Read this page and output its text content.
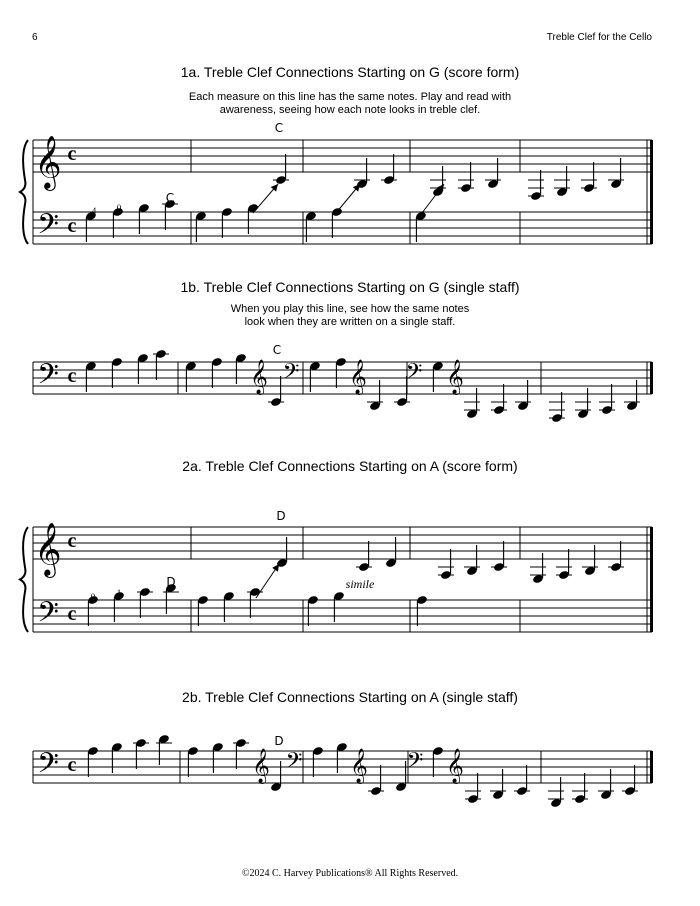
6	Treble Clef for the Cello
1a. Treble Clef Connections Starting on G (score form)
Each measure on this line has the same notes. Play and read with
awareness, seeing how each note looks in treble clef.
1b. Treble Clef Connections Starting on G (single staff)
When you play this line, see how the same notes
look when they are written on a single staff.
2a. Treble Clef Connections Starting on A (score form)
2b. Treble Clef Connections Starting on A (single staff)
𝄞
𝄢
c
c
C
C
4 0
𝄢 c	𝄞 𝄢 𝄞 𝄢 𝄞
C
𝄞
𝄢
c
c
D
D
0 1
simile
𝄢 c	𝄞 𝄢 𝄞 𝄢 𝄞
D
©2024 C. Harvey Publications® All Rights Reserved.
